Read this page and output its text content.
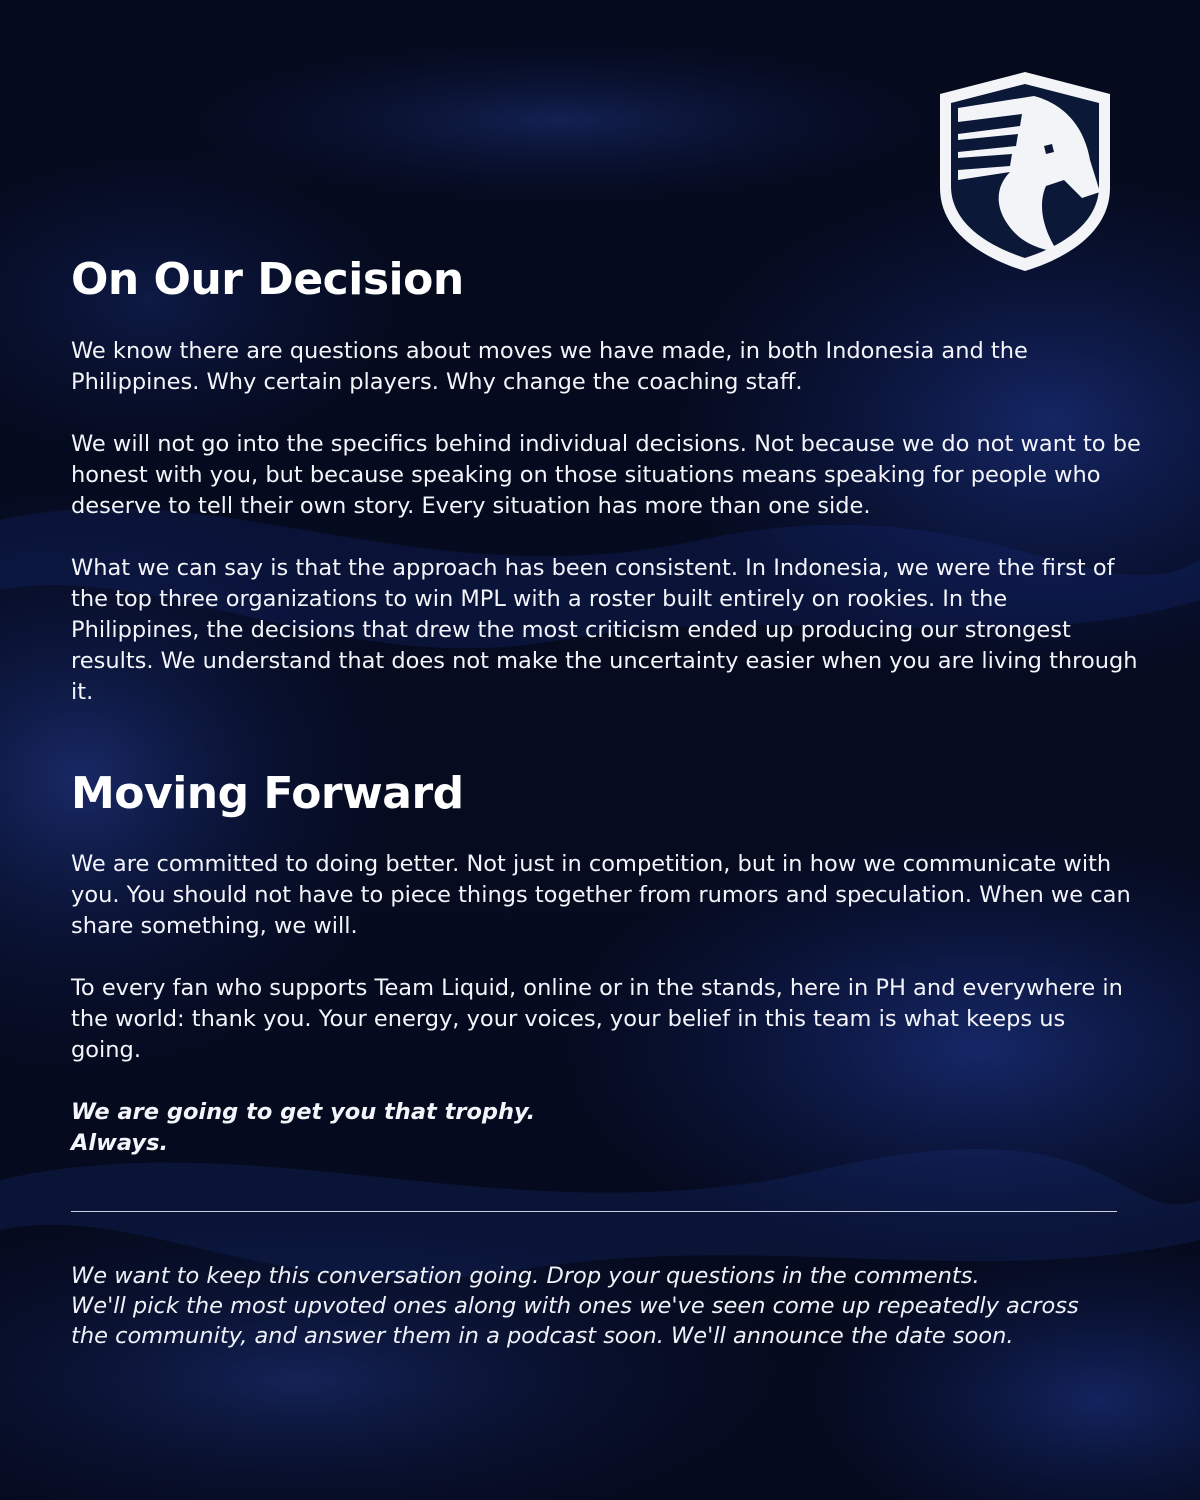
On Our Decision

We know there are questions about moves we have made, in both Indonesia and the Philippines. Why certain players. Why change the coaching staff.

We will not go into the specifics behind individual decisions. Not because we do not want to be honest with you, but because speaking on those situations means speaking for people who deserve to tell their own story. Every situation has more than one side.

What we can say is that the approach has been consistent. In Indonesia, we were the first of the top three organizations to win MPL with a roster built entirely on rookies. In the Philippines, the decisions that drew the most criticism ended up producing our strongest results. We understand that does not make the uncertainty easier when you are living through it.

Moving Forward

We are committed to doing better. Not just in competition, but in how we communicate with you. You should not have to piece things together from rumors and speculation. When we can share something, we will.

To every fan who supports Team Liquid, online or in the stands, here in PH and everywhere in the world: thank you. Your energy, your voices, your belief in this team is what keeps us going.

We are going to get you that trophy.
Always.

We want to keep this conversation going. Drop your questions in the comments.
We'll pick the most upvoted ones along with ones we've seen come up repeatedly across
the community, and answer them in a podcast soon. We'll announce the date soon.
